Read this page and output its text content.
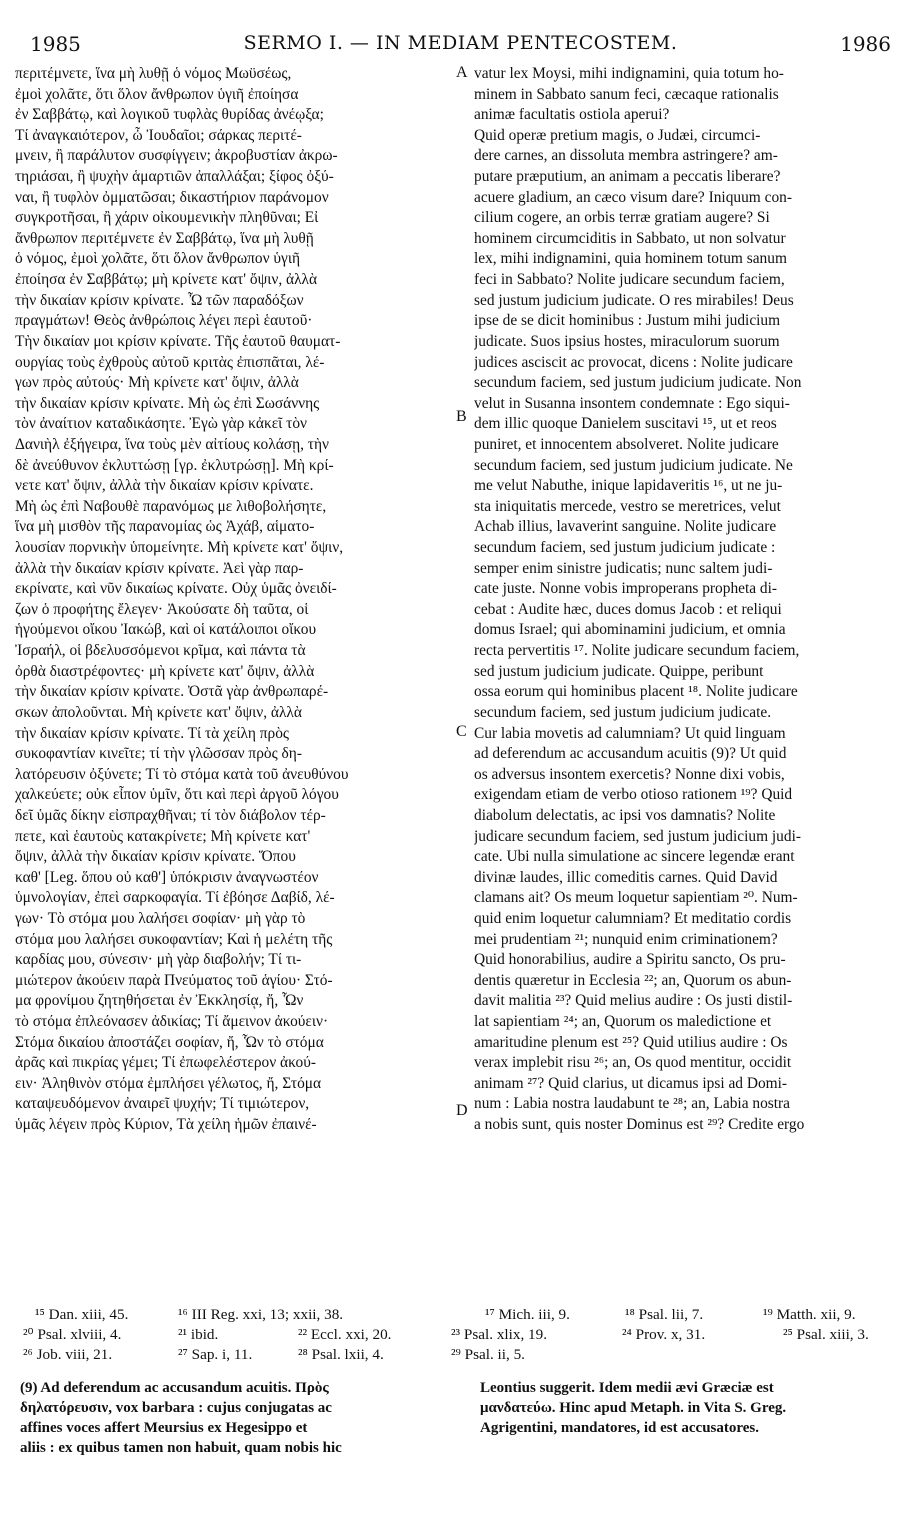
1985	SERMO I. — IN MEDIAM PENTECOSTEM.	1986
περιτέμνετε, ἵνα μὴ λυθῇ ὁ νόμος Μωϋσέως,
ἐμοὶ χολᾶτε, ὅτι ὅλον ἄνθρωπον ὑγιῆ ἐποίησα
ἐν Σαββάτῳ, καὶ λογικοῦ τυφλὰς θυρίδας ἀνέῳξα;
Τί ἀναγκαιότερον, ὦ Ἰουδαῖοι; σάρκας περιτέ-
μνειν, ἢ παράλυτον συσφίγγειν; ἀκροβυστίαν ἀκρω-
τηριάσαι, ἢ ψυχὴν ἁμαρτιῶν ἀπαλλάξαι; ξίφος ὀξύ-
ναι, ἢ τυφλὸν ὀμματῶσαι; δικαστήριον παράνομον
συγκροτῆσαι, ἢ χάριν οἰκουμενικὴν πληθῦναι; Εἰ
ἄνθρωπον περιτέμνετε ἐν Σαββάτῳ, ἵνα μὴ λυθῇ
ὁ νόμος, ἐμοὶ χολᾶτε, ὅτι ὅλον ἄνθρωπον ὑγιῆ
ἐποίησα ἐν Σαββάτῳ; μὴ κρίνετε κατ' ὄψιν, ἀλλὰ
τὴν δικαίαν κρίσιν κρίνατε. Ὦ τῶν παραδόξων
πραγμάτων! Θεὸς ἀνθρώποις λέγει περὶ ἑαυτοῦ·
Τὴν δικαίαν μοι κρίσιν κρίνατε. Τῆς ἑαυτοῦ θαυματ-
ουργίας τοὺς ἐχθροὺς αὐτοῦ κριτὰς ἐπισπᾶται, λέ-
γων πρὸς αὐτούς· Μὴ κρίνετε κατ' ὄψιν, ἀλλὰ
τὴν δικαίαν κρίσιν κρίνατε. Μὴ ὡς ἐπὶ Σωσάννης
τὸν ἀναίτιον καταδικάσητε. Ἐγὼ γὰρ κἀκεῖ τὸν
Δανιὴλ ἐξήγειρα, ἵνα τοὺς μὲν αἰτίους κολάσῃ, τὴν
δὲ ἀνεύθυνον ἐκλυττώσῃ [γρ. ἐκλυτρώσῃ]. Μὴ κρί-
νετε κατ' ὄψιν, ἀλλὰ τὴν δικαίαν κρίσιν κρίνατε.
Μὴ ὡς ἐπὶ Ναβουθὲ παρανόμως με λιθοβολήσητε,
ἵνα μὴ μισθὸν τῆς παρανομίας ὡς Ἀχάβ, αἱματο-
λουσίαν πορνικὴν ὑπομείνητε. Μὴ κρίνετε κατ' ὄψιν,
ἀλλὰ τὴν δικαίαν κρίσιν κρίνατε. Ἀεὶ γὰρ παρ-
εκρίνατε, καὶ νῦν δικαίως κρίνατε. Οὐχ ὑμᾶς ὀνειδί-
ζων ὁ προφήτης ἔλεγεν· Ἀκούσατε δὴ ταῦτα, οἱ
ἡγούμενοι οἴκου Ἰακώβ, καὶ οἱ κατάλοιποι οἴκου
Ἰσραήλ, οἱ βδελυσσόμενοι κρῖμα, καὶ πάντα τὰ
ὀρθὰ διαστρέφοντες· μὴ κρίνετε κατ' ὄψιν, ἀλλὰ
τὴν δικαίαν κρίσιν κρίνατε. Ὀστᾶ γὰρ ἀνθρωπαρέ-
σκων ἀπολοῦνται. Μὴ κρίνετε κατ' ὄψιν, ἀλλὰ
τὴν δικαίαν κρίσιν κρίνατε. Τί τὰ χείλη πρὸς
συκοφαντίαν κινεῖτε; τί τὴν γλῶσσαν πρὸς δη-
λατόρευσιν ὀξύνετε; Τί τὸ στόμα κατὰ τοῦ ἀνευθύνου
χαλκεύετε; οὐκ εἶπον ὑμῖν, ὅτι καὶ περὶ ἀργοῦ λόγου
δεῖ ὑμᾶς δίκην εἰσπραχθῆναι; τί τὸν διάβολον τέρ-
πετε, καὶ ἑαυτοὺς κατακρίνετε; Μὴ κρίνετε κατ'
ὄψιν, ἀλλὰ τὴν δικαίαν κρίσιν κρίνατε. Ὅπου
καθ' [Leg. ὅπου οὐ καθ'] ὑπόκρισιν ἀναγνωστέον
ὑμνολογίαν, ἐπεὶ σαρκοφαγία. Τί ἐβόησε Δαβίδ, λέ-
γων· Τὸ στόμα μου λαλήσει σοφίαν· μὴ γὰρ τὸ
στόμα μου λαλήσει συκοφαντίαν; Καὶ ἡ μελέτη τῆς
καρδίας μου, σύνεσιν· μὴ γὰρ διαβολήν; Τί τι-
μιώτερον ἀκούειν παρὰ Πνεύματος τοῦ ἁγίου· Στό-
μα φρονίμου ζητηθήσεται ἐν Ἐκκλησίᾳ, ἤ, Ὧν
τὸ στόμα ἐπλεόνασεν ἀδικίας; Τί ἄμεινον ἀκούειν·
Στόμα δικαίου ἀποστάζει σοφίαν, ἤ, Ὧν τὸ στόμα
ἀρᾶς καὶ πικρίας γέμει; Τί ἐπωφελέστερον ἀκού-
ειν· Ἀληθινὸν στόμα ἐμπλήσει γέλωτος, ἤ, Στόμα
καταψευδόμενον ἀναιρεῖ ψυχήν; Τί τιμιώτερον,
ὑμᾶς λέγειν πρὸς Κύριον, Τὰ χείλη ἡμῶν ἐπαινέ-
vatur lex Moysi, mihi indignamini, quia totum ho-
minem in Sabbato sanum feci, cæcaque rationalis
animæ facultatis ostiola aperui?
Quid operæ pretium magis, o Judæi, circumci-
dere carnes, an dissoluta membra astringere? am-
putare præputium, an animam a peccatis liberare?
acuere gladium, an cæco visum dare? Iniquum con-
cilium cogere, an orbis terræ gratiam augere? Si
hominem circumciditis in Sabbato, ut non solvatur
lex, mihi indignamini, quia hominem totum sanum
feci in Sabbato? Nolite judicare secundum faciem,
sed justum judicium judicate. O res mirabiles! Deus
ipse de se dicit hominibus : Justum mihi judicium
judicate. Suos ipsius hostes, miraculorum suorum
judices asciscit ac provocat, dicens : Nolite judicare
secundum faciem, sed justum judicium judicate. Non
velut in Susanna insontem condemnate : Ego siqui-
dem illic quoque Danielem suscitavi ¹⁵, ut et reos
puniret, et innocentem absolveret. Nolite judicare
secundum faciem, sed justum judicium judicate. Ne
me velut Nabuthe, inique lapidaveritis ¹⁶, ut ne ju-
sta iniquitatis mercede, vestro se meretrices, velut
Achab illius, lavaverint sanguine. Nolite judicare
secundum faciem, sed justum judicium judicate :
semper enim sinistre judicatis; nunc saltem judi-
cate juste. Nonne vobis improperans propheta di-
cebat : Audite hæc, duces domus Jacob : et reliqui
domus Israel; qui abominamini judicium, et omnia
recta pervertitis ¹⁷. Nolite judicare secundum faciem,
sed justum judicium judicate. Quippe, peribunt
ossa eorum qui hominibus placent ¹⁸. Nolite judicare
secundum faciem, sed justum judicium judicate.
Cur labia movetis ad calumniam? Ut quid linguam
ad deferendum ac accusandum acuitis (9)? Ut quid
os adversus insontem exercetis? Nonne dixi vobis,
exigendam etiam de verbo otioso rationem ¹⁹? Quid
diabolum delectatis, ac ipsi vos damnatis? Nolite
judicare secundum faciem, sed justum judicium judi-
cate. Ubi nulla simulatione ac sincere legendæ erant
divinæ laudes, illic comeditis carnes. Quid David
clamans ait? Os meum loquetur sapientiam ²⁰. Num-
quid enim loquetur calumniam? Et meditatio cordis
mei prudentiam ²¹; nunquid enim criminationem?
Quid honorabilius, audire a Spiritu sancto, Os pru-
dentis quæretur in Ecclesia ²²; an, Quorum os abun-
davit malitia ²³? Quid melius audire : Os justi distil-
lat sapientiam ²⁴; an, Quorum os maledictione et
amaritudine plenum est ²⁵? Quid utilius audire : Os
verax implebit risu ²⁶; an, Os quod mentitur, occidit
animam ²⁷? Quid clarius, ut dicamus ipsi ad Domi-
num : Labia nostra laudabunt te ²⁸; an, Labia nostra
a nobis sunt, quis noster Dominus est ²⁹? Credite ergo
A
B
C
D
¹⁵ Dan. xiii, 45.	¹⁶ III Reg. xxi, 13; xxii, 38.	¹⁷ Mich. iii, 9.	¹⁸ Psal. lii, 7.	¹⁹ Matth. xii, 9.
²⁰ Psal. xlviii, 4.	²¹ ibid.	²² Eccl. xxi, 20.	²³ Psal. xlix, 19.	²⁴ Prov. x, 31.	²⁵ Psal. xiii, 3.
²⁶ Job. viii, 21.	²⁷ Sap. i, 11.	²⁸ Psal. lxii, 4.	²⁹ Psal. ii, 5.
(9) Ad deferendum ac accusandum acuitis. Πρὸς
δηλατόρευσιν, vox barbara : cujus conjugatas ac
affines voces affert Meursius ex Hegesippo et
aliis : ex quibus tamen non habuit, quam nobis hic
Leontius suggerit. Idem medii ævi Græciæ est
μανδατεύω. Hinc apud Metaph. in Vita S. Greg.
Agrigentini, mandatores, id est accusatores.
